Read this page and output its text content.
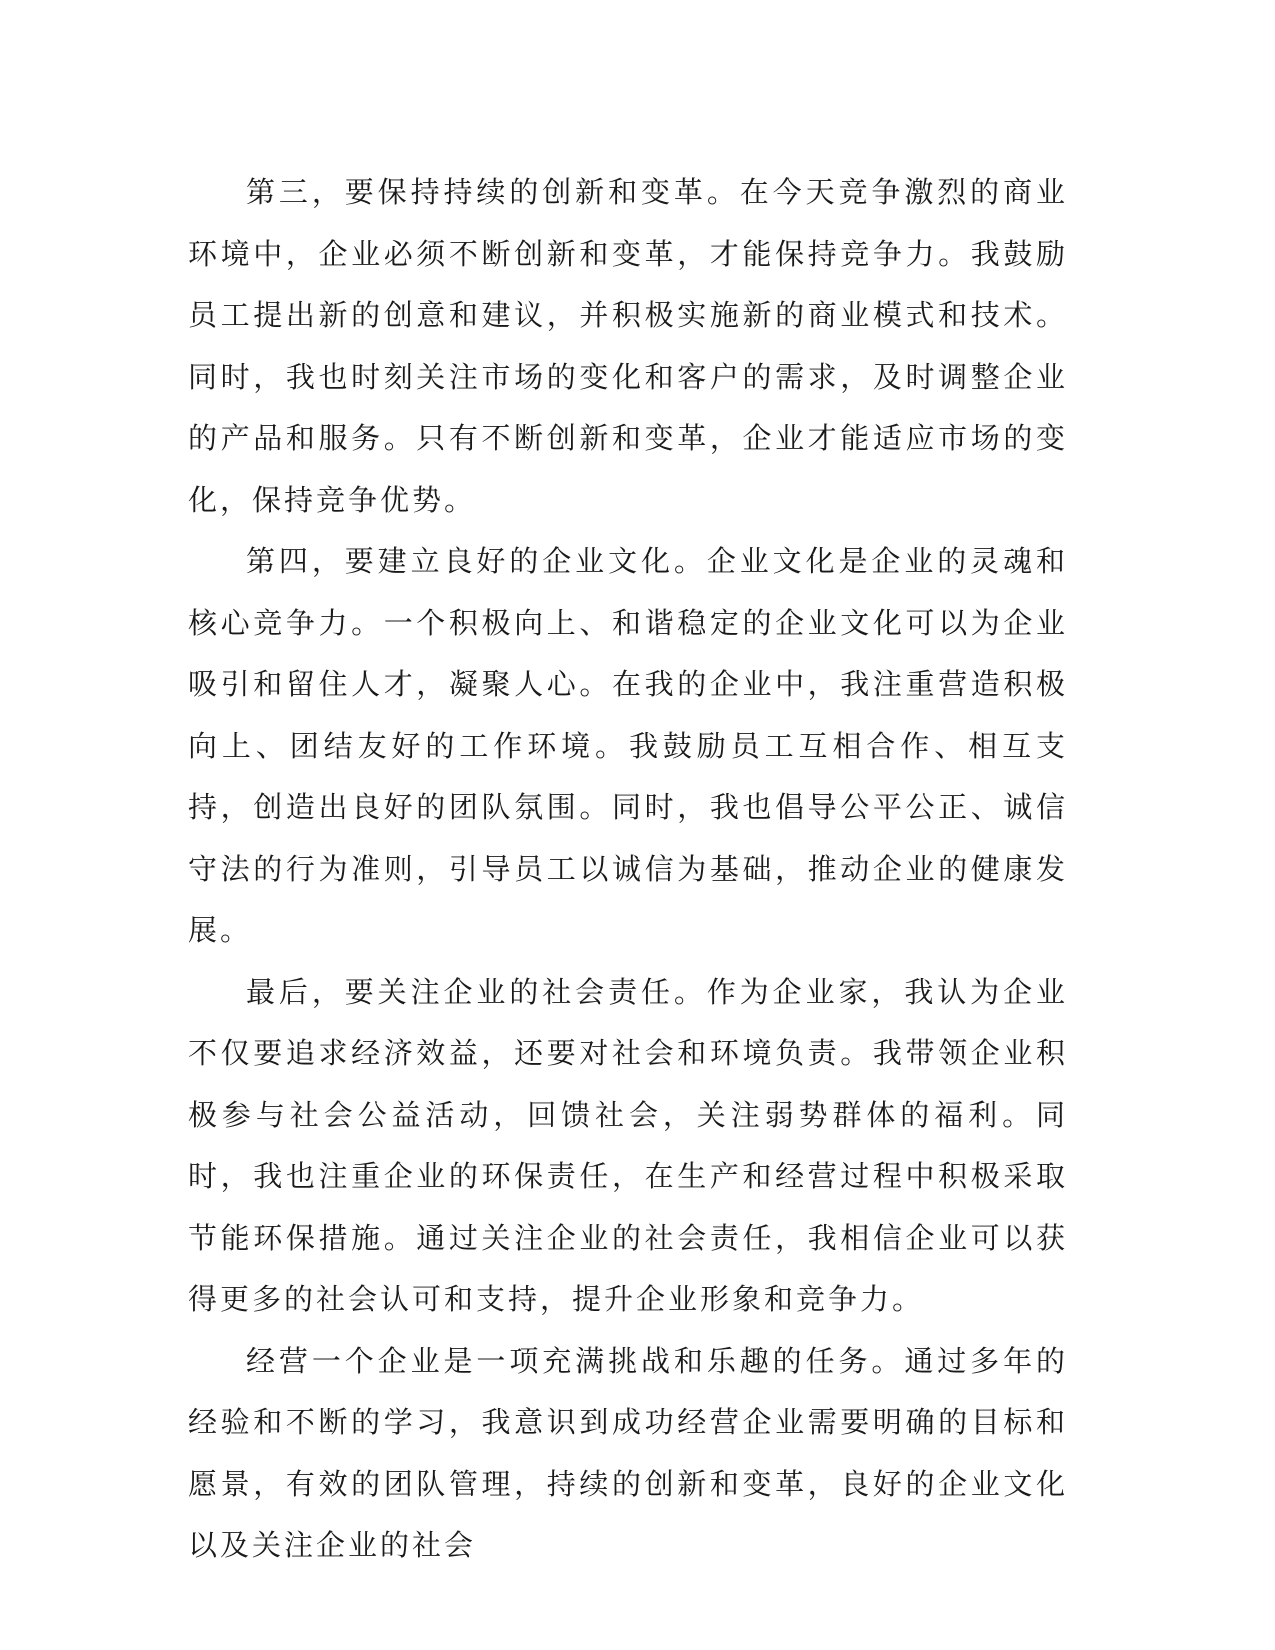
第三，要保持持续的创新和变革。在今天竞争激烈的商业环境中，企业必须不断创新和变革，才能保持竞争力。我鼓励员工提出新的创意和建议，并积极实施新的商业模式和技术。同时，我也时刻关注市场的变化和客户的需求，及时调整企业的产品和服务。只有不断创新和变革，企业才能适应市场的变化，保持竞争优势。

第四，要建立良好的企业文化。企业文化是企业的灵魂和核心竞争力。一个积极向上、和谐稳定的企业文化可以为企业吸引和留住人才，凝聚人心。在我的企业中，我注重营造积极向上、团结友好的工作环境。我鼓励员工互相合作、相互支持，创造出良好的团队氛围。同时，我也倡导公平公正、诚信守法的行为准则，引导员工以诚信为基础，推动企业的健康发展。

最后，要关注企业的社会责任。作为企业家，我认为企业不仅要追求经济效益，还要对社会和环境负责。我带领企业积极参与社会公益活动，回馈社会，关注弱势群体的福利。同时，我也注重企业的环保责任，在生产和经营过程中积极采取节能环保措施。通过关注企业的社会责任，我相信企业可以获得更多的社会认可和支持，提升企业形象和竞争力。

经营一个企业是一项充满挑战和乐趣的任务。通过多年的经验和不断的学习，我意识到成功经营企业需要明确的目标和愿景，有效的团队管理，持续的创新和变革，良好的企业文化以及关注企业的社会
